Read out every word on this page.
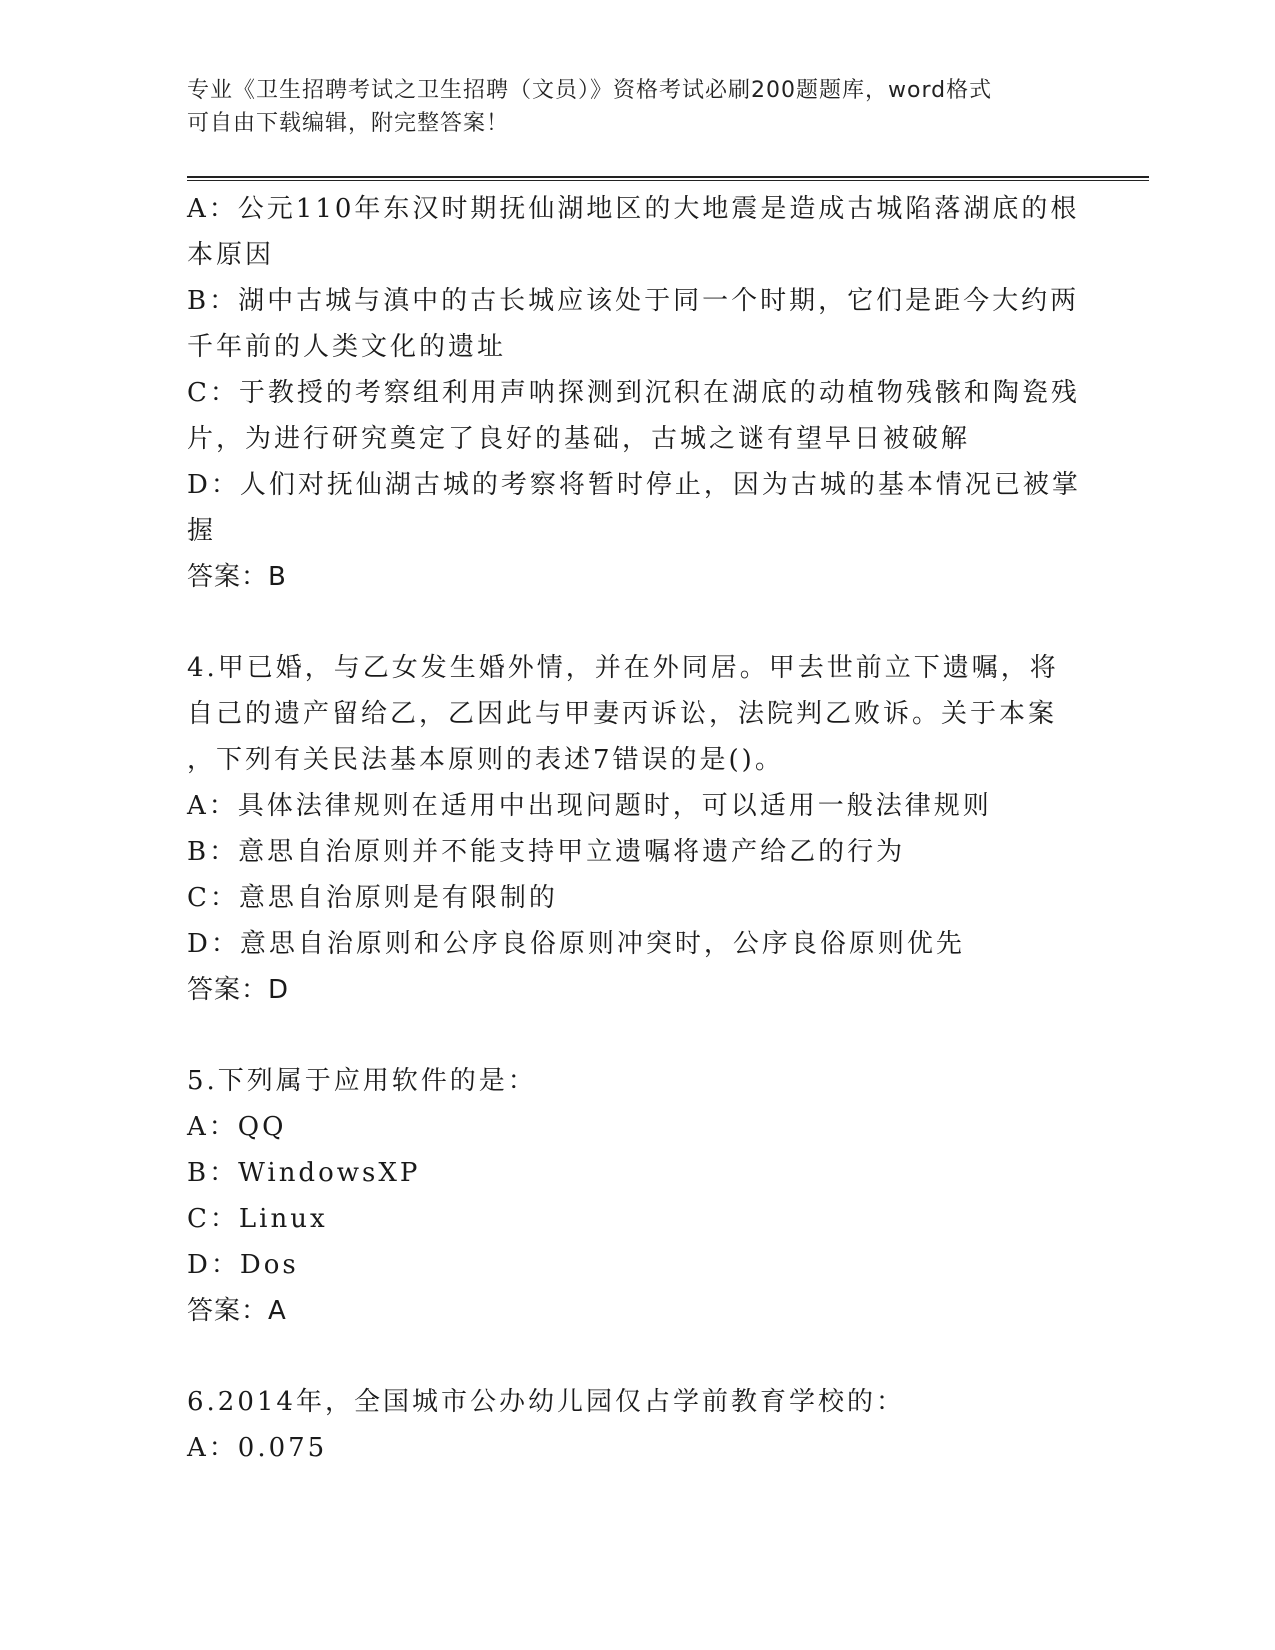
专业《卫生招聘考试之卫生招聘（文员）》资格考试必刷200题题库，word格式
可自由下载编辑，附完整答案！
A：公元110年东汉时期抚仙湖地区的大地震是造成古城陷落湖底的根
本原因
B：湖中古城与滇中的古长城应该处于同一个时期，它们是距今大约两
千年前的人类文化的遗址
C：于教授的考察组利用声呐探测到沉积在湖底的动植物残骸和陶瓷残
片，为进行研究奠定了良好的基础，古城之谜有望早日被破解
D：人们对抚仙湖古城的考察将暂时停止，因为古城的基本情况已被掌
握
答案：B
4.甲已婚，与乙女发生婚外情，并在外同居。甲去世前立下遗嘱，将
自己的遗产留给乙，乙因此与甲妻丙诉讼，法院判乙败诉。关于本案
，下列有关民法基本原则的表述7错误的是()。
A：具体法律规则在适用中出现问题时，可以适用一般法律规则
B：意思自治原则并不能支持甲立遗嘱将遗产给乙的行为
C：意思自治原则是有限制的
D：意思自治原则和公序良俗原则冲突时，公序良俗原则优先
答案：D
5.下列属于应用软件的是：
A：QQ
B：WindowsXP
C：Linux
D：Dos
答案：A
6.2014年，全国城市公办幼儿园仅占学前教育学校的：
A：0.075
